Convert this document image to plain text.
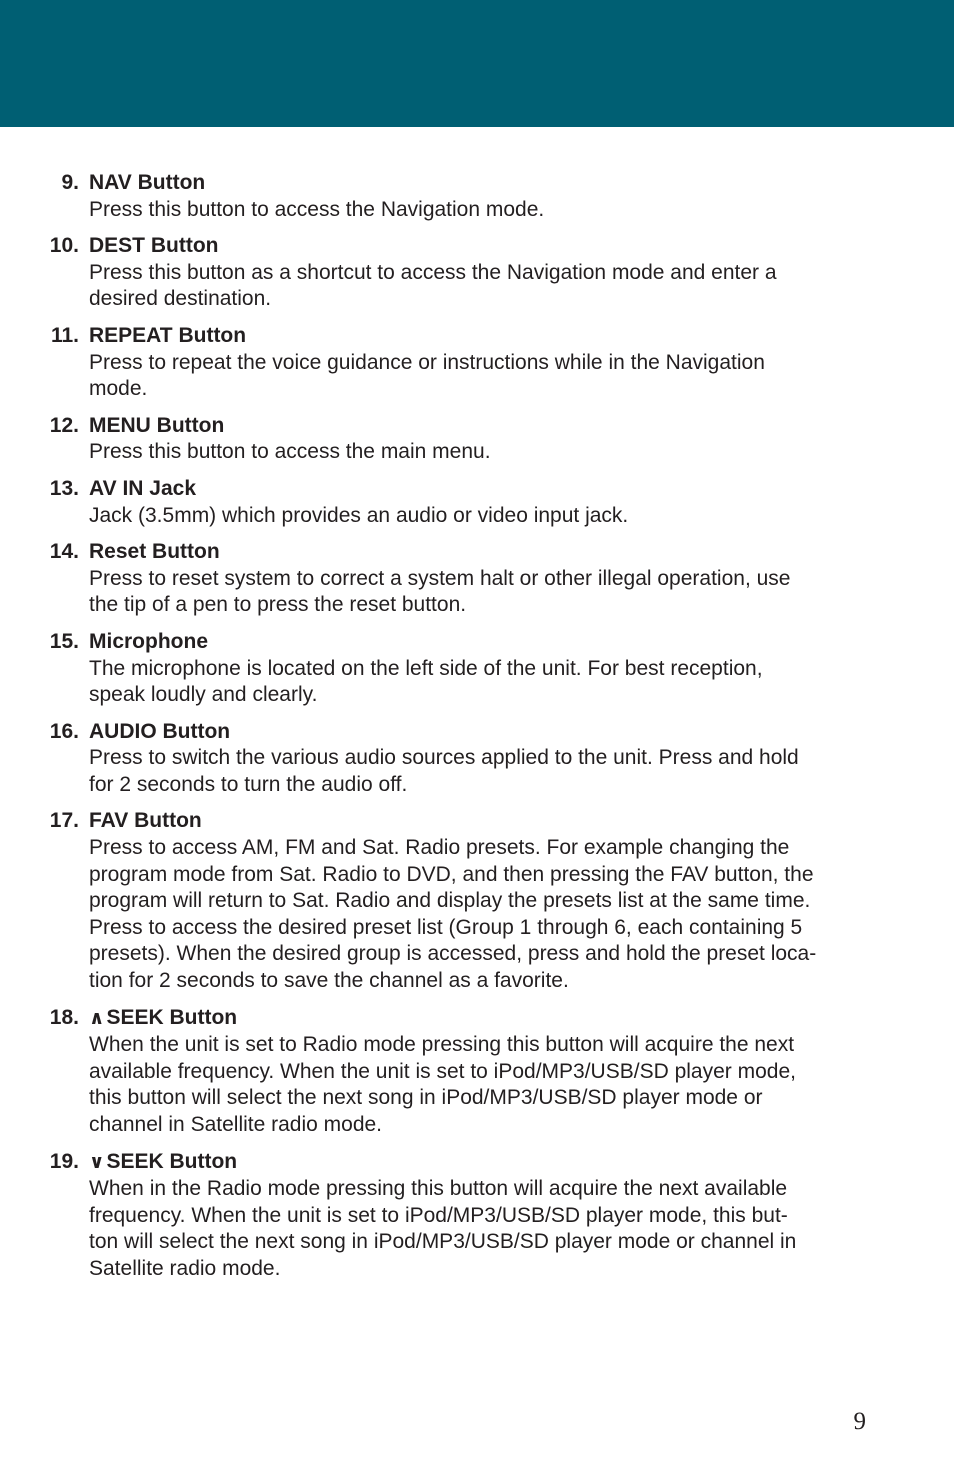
9. NAV Button
Press this button to access the Navigation mode.
10. DEST Button
Press this button as a shortcut to access the Navigation mode and enter a
desired destination.
11. REPEAT Button
Press to repeat the voice guidance or instructions while in the Navigation
mode.
12. MENU Button
Press this button to access the main menu.
13. AV IN Jack
Jack (3.5mm) which provides an audio or video input jack.
14. Reset Button
Press to reset system to correct a system halt or other illegal operation, use
the tip of a pen to press the reset button.
15. Microphone
The microphone is located on the left side of the unit. For best reception,
speak loudly and clearly.
16. AUDIO Button
Press to switch the various audio sources applied to the unit. Press and hold
for 2 seconds to turn the audio off.
17. FAV Button
Press to access AM, FM and Sat. Radio presets. For example changing the
program mode from Sat. Radio to DVD, and then pressing the FAV button, the
program will return to Sat. Radio and display the presets list at the same time.
Press to access the desired preset list (Group 1 through 6, each containing 5
presets). When the desired group is accessed, press and hold the preset loca-
tion for 2 seconds to save the channel as a favorite.
18. ∧SEEK Button
When the unit is set to Radio mode pressing this button will acquire the next
available frequency. When the unit is set to iPod/MP3/USB/SD player mode,
this button will select the next song in iPod/MP3/USB/SD player mode or
channel in Satellite radio mode.
19. ∨SEEK Button
When in the Radio mode pressing this button will acquire the next available
frequency. When the unit is set to iPod/MP3/USB/SD player mode, this but-
ton will select the next song in iPod/MP3/USB/SD player mode or channel in
Satellite radio mode.
9
